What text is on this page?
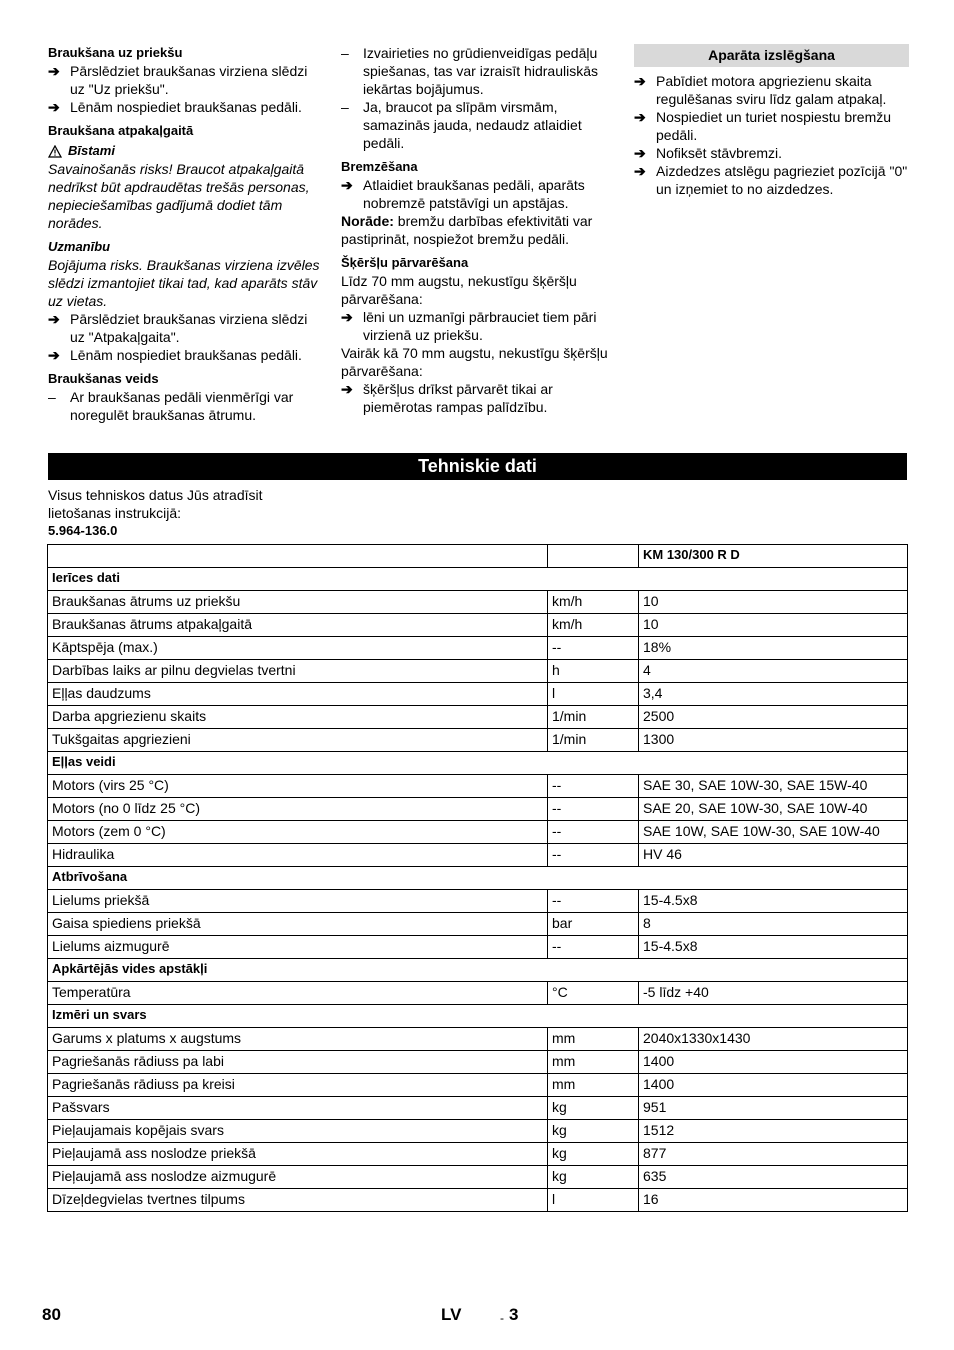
Braukšana uz priekšu
➔ Pārslēdziet braukšanas virziena slēdzi uz "Uz priekšu".
➔ Lēnām nospiediet braukšanas pedāli.
Braukšana atpakaļgaitā
Bīstami

Savainošanās risks! Braucot atpakaļgaitā nedrīkst būt apdraudētas trešās personas, nepieciešamības gadījumā dodiet tām norādes.

Uzmanību

Bojājuma risks. Braukšanas virziena izvēles slēdzi izmantojiet tikai tad, kad aparāts stāv uz vietas.

➔ Pārslēdziet braukšanas virziena slēdzi uz "Atpakaļgaita".
➔ Lēnām nospiediet braukšanas pedāli.
Braukšanas veids
–	Ar braukšanas pedāli vienmērīgi var noregulēt braukšanas ātrumu.
–	Izvairieties no grūdienveidīgas pedāļu spiešanas, tas var izraisīt hidrauliskās iekārtas bojājumus.
–	Ja, braucot pa slīpām virsmām, samazinās jauda, nedaudz atlaidiet pedāli.
Bremzēšana
➔ Atlaidiet braukšanas pedāli, aparāts nobremzē patstāvīgi un apstājas.

Norāde: bremžu darbības efektivitāti var pastiprināt, nospiežot bremžu pedāli.

Šķēršļu pārvarēšana

Līdz 70 mm augstu, nekustīgu šķēršļu pārvarēšana:

➔ lēni un uzmanīgi pārbrauciet tiem pāri virzienā uz priekšu.

Vairāk kā 70 mm augstu, nekustīgu šķēršļu pārvarēšana:

➔ šķēršļus drīkst pārvarēt tikai ar piemērotas rampas palīdzību.
Aparāta izslēgšana
➔ Pabīdiet motora apgriezienu skaita regulēšanas sviru līdz galam atpakaļ.
➔ Nospiediet un turiet nospiestu bremžu pedāli.
➔ Nofiksēt stāvbremzi.
➔ Aizdedzes atslēgu pagrieziet pozīcijā "0" un izņemiet to no aizdedzes.
Tehniskie dati

Visus tehniskos datus Jūs atradīsit lietošanas instrukcijā:

5.964-136.0

		KM 130/300 R D
Ierīces dati		
Braukšanas ātrums uz priekšu	km/h	10
Braukšanas ātrums atpakaļgaitā	km/h	10
Kāptspēja (max.)	--	18%
Darbības laiks ar pilnu degvielas tvertni	h	4
Eļļas daudzums	l	3,4
Darba apgriezienu skaits	1/min	2500
Tukšgaitas apgriezieni	1/min	1300
Eļļas veidi		
Motors (virs 25 °C)	--	SAE 30, SAE 10W-30, SAE 15W-40
Motors (no 0 līdz 25 °C)	--	SAE 20, SAE 10W-30, SAE 10W-40
Motors (zem 0 °C)	--	SAE 10W, SAE 10W-30, SAE 10W-40
Hidraulika	--	HV 46
Atbrīvošana		
Lielums priekšā	--	15-4.5x8
Gaisa spiediens priekšā	bar	8
Lielums aizmugurē	--	15-4.5x8
Apkārtējās vides apstākļi		
Temperatūra	°C	-5 līdz +40
Izmēri un svars		
Garums x platums x augstums	mm	2040x1330x1430
Pagriešanās rādiuss pa labi	mm	1400
Pagriešanās rādiuss pa kreisi	mm	1400
Pašsvars	kg	951
Pieļaujamais kopējais svars	kg	1512
Pieļaujamā ass noslodze priekšā	kg	877
Pieļaujamā ass noslodze aizmugurē	kg	635
Dīzeļdegvielas tvertnes tilpums	l	16
80	LV	- 3
